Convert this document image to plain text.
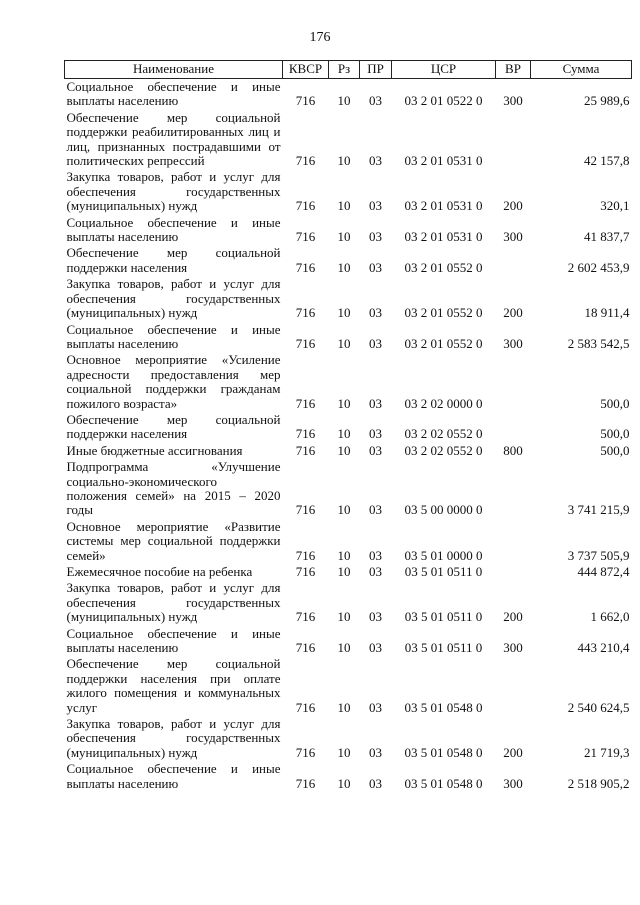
176
Наименование	КВСР	Рз	ПР	ЦСР	ВР	Сумма
Социальное обеспечение и иные выплаты населению	716	10	03	03 2 01 0522 0	300	25 989,6
Обеспечение мер социальной поддержки реабилитированных лиц и лиц, признанных пострадавшими от политических репрессий	716	10	03	03 2 01 0531 0		42 157,8
Закупка товаров, работ и услуг для обеспечения государственных (муниципальных) нужд	716	10	03	03 2 01 0531 0	200	320,1
Социальное обеспечение и иные выплаты населению	716	10	03	03 2 01 0531 0	300	41 837,7
Обеспечение мер социальной поддержки населения	716	10	03	03 2 01 0552 0		2 602 453,9
Закупка товаров, работ и услуг для обеспечения государственных (муниципальных) нужд	716	10	03	03 2 01 0552 0	200	18 911,4
Социальное обеспечение и иные выплаты населению	716	10	03	03 2 01 0552 0	300	2 583 542,5
Основное мероприятие «Усиление адресности предоставления мер социальной поддержки гражданам пожилого возраста»	716	10	03	03 2 02 0000 0		500,0
Обеспечение мер социальной поддержки населения	716	10	03	03 2 02 0552 0		500,0
Иные бюджетные ассигнования	716	10	03	03 2 02 0552 0	800	500,0
Подпрограмма «Улучшение социально-экономического положения семей» на 2015 – 2020 годы	716	10	03	03 5 00 0000 0		3 741 215,9
Основное мероприятие «Развитие системы мер социальной поддержки семей»	716	10	03	03 5 01 0000 0		3 737 505,9
Ежемесячное пособие на ребенка	716	10	03	03 5 01 0511 0		444 872,4
Закупка товаров, работ и услуг для обеспечения государственных (муниципальных) нужд	716	10	03	03 5 01 0511 0	200	1 662,0
Социальное обеспечение и иные выплаты населению	716	10	03	03 5 01 0511 0	300	443 210,4
Обеспечение мер социальной поддержки населения при оплате жилого помещения и коммунальных услуг	716	10	03	03 5 01 0548 0		2 540 624,5
Закупка товаров, работ и услуг для обеспечения государственных (муниципальных) нужд	716	10	03	03 5 01 0548 0	200	21 719,3
Социальное обеспечение и иные выплаты населению	716	10	03	03 5 01 0548 0	300	2 518 905,2
